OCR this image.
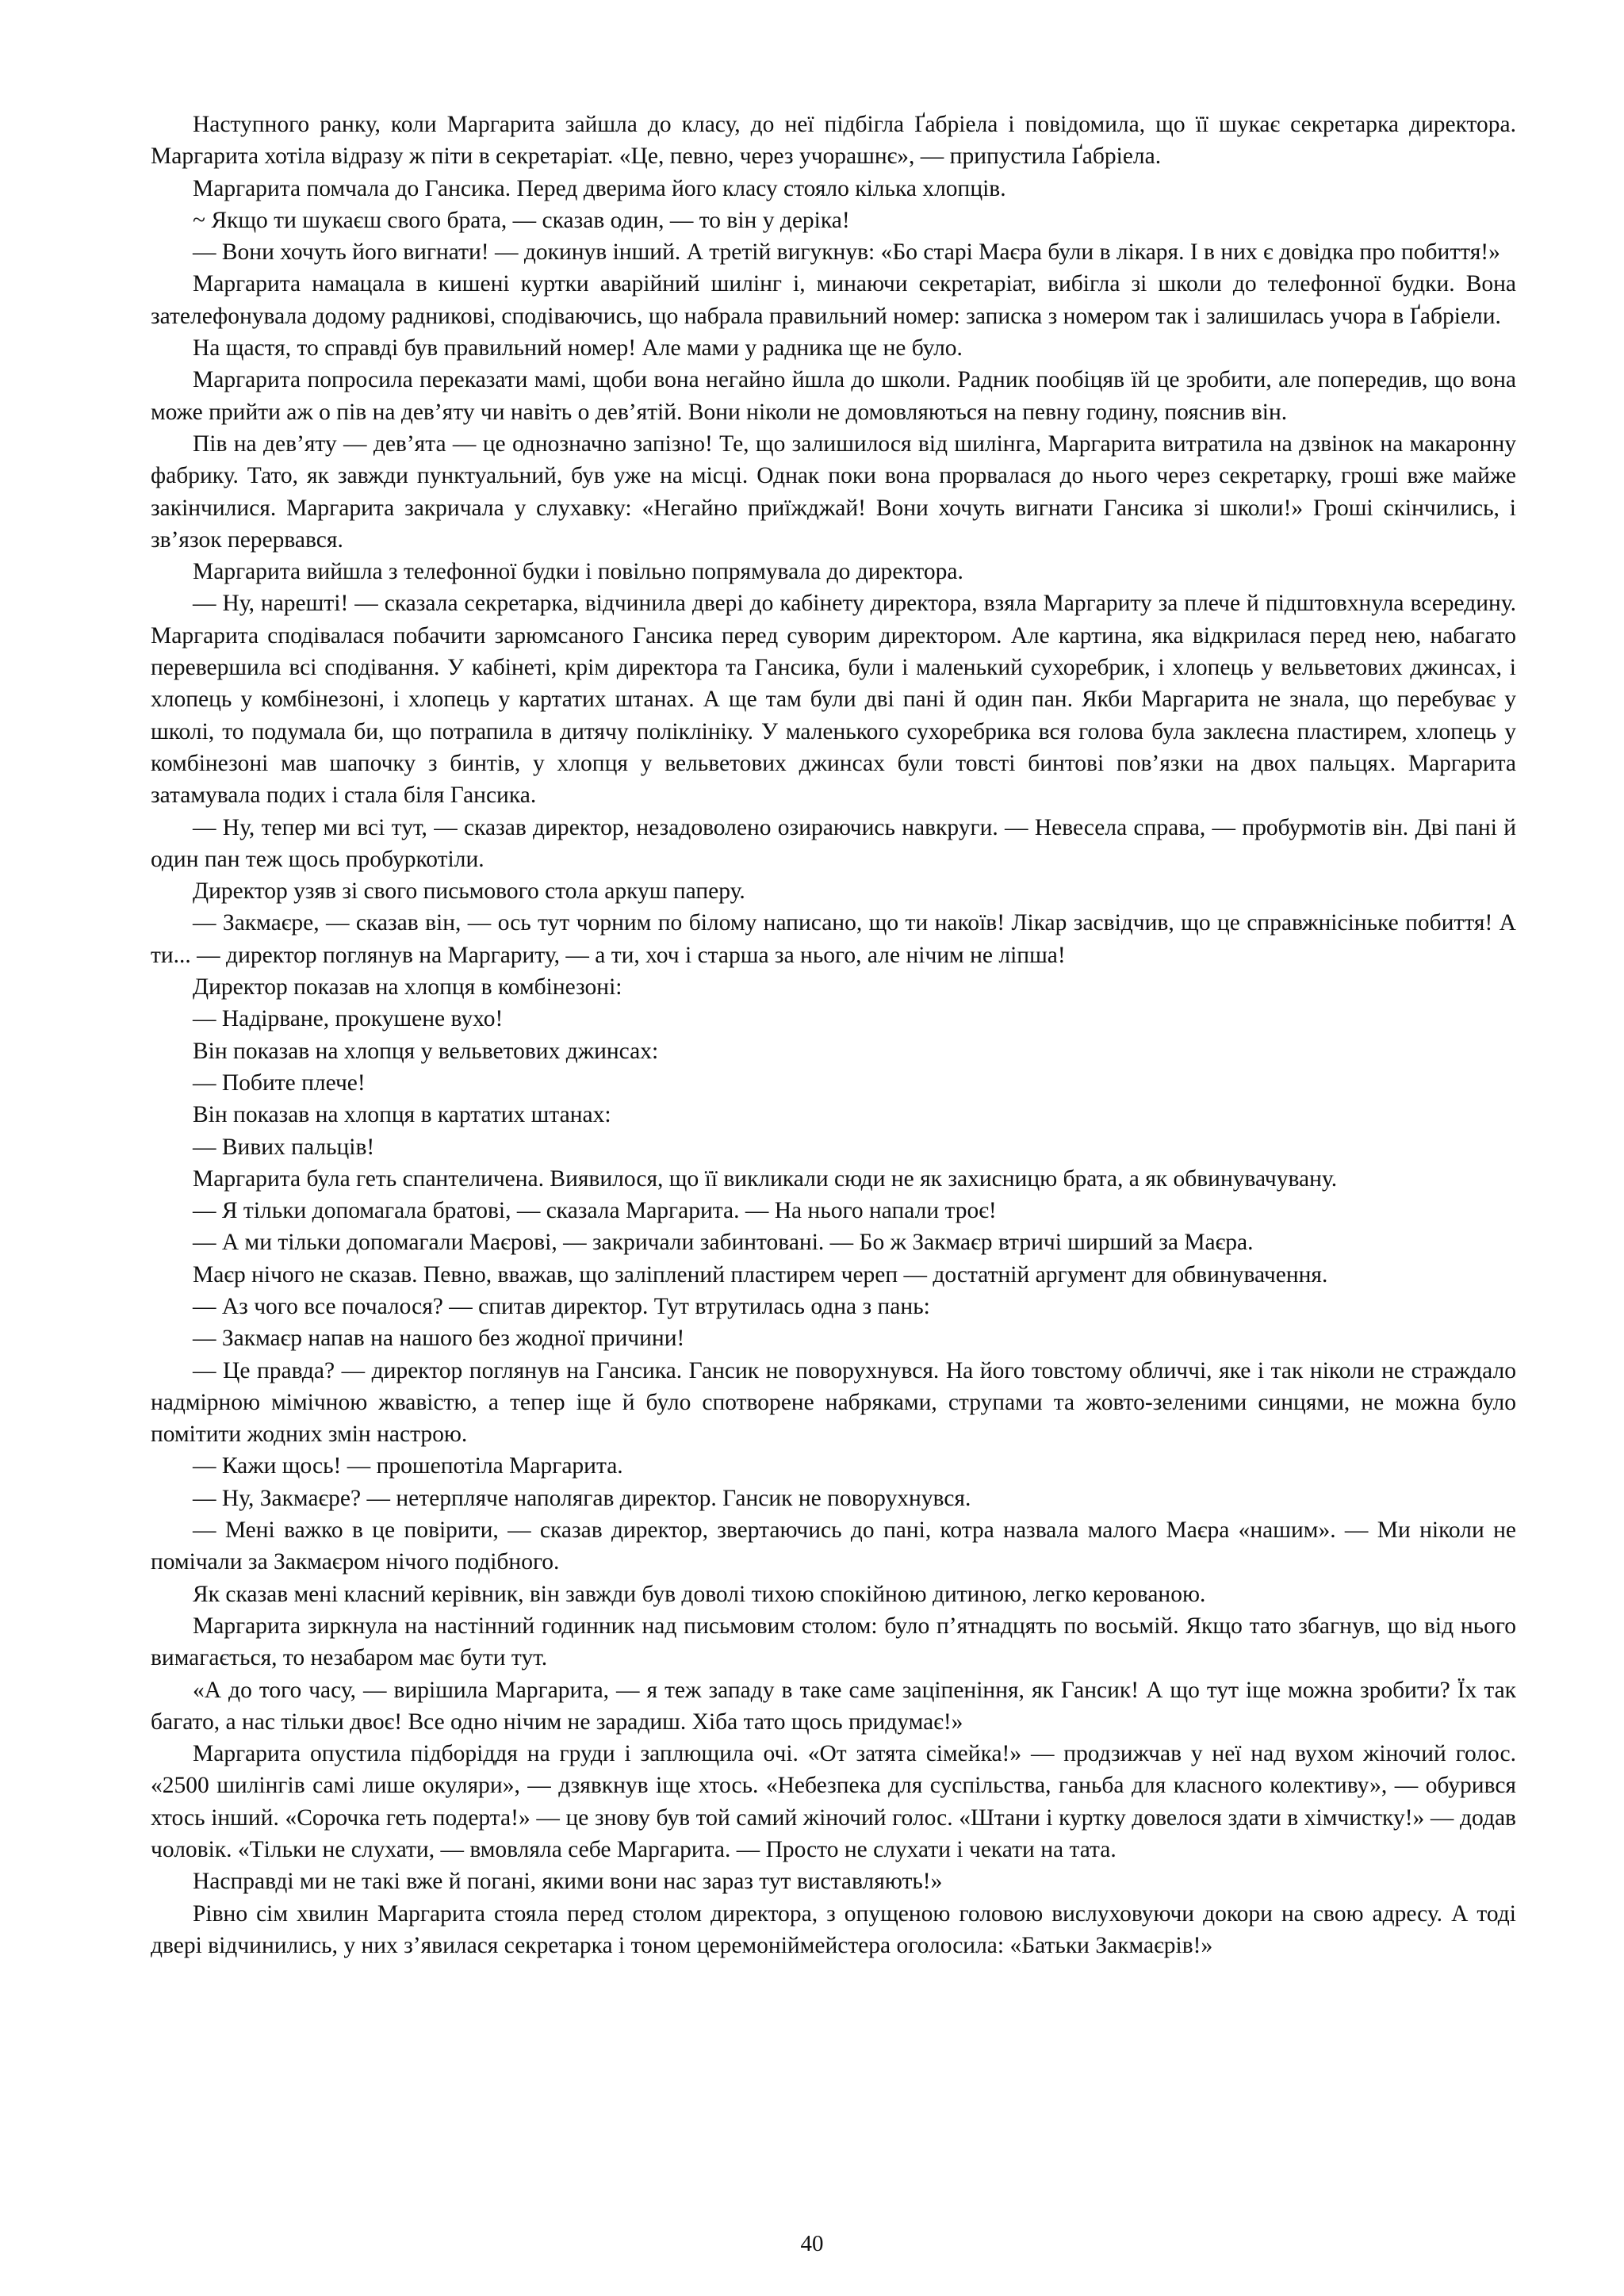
Наступного ранку, коли Маргарита зайшла до класу, до неї підбігла Ґабріела і повідомила, що її шукає секретарка директора. Маргарита хотіла відразу ж піти в секретаріат. «Це, певно, через учорашнє», — припустила Ґабріела.

Маргарита помчала до Гансика. Перед дверима його класу стояло кілька хлопців.

~ Якщо ти шукаєш свого брата, — сказав один, — то він у деріка!

— Вони хочуть його вигнати! — докинув інший. А третій вигукнув: «Бо старі Маєра були в лікаря. І в них є довідка про побиття!»

Маргарита намацала в кишені куртки аварійний шилінг і, минаючи секретаріат, вибігла зі школи до телефонної будки. Вона зателефонувала додому радникові, сподіваючись, що набрала правильний номер: записка з номером так і залишилась учора в Ґабріели.

На щастя, то справді був правильний номер! Але мами у радника ще не було.

Маргарита попросила переказати мамі, щоби вона негайно йшла до школи. Радник пообіцяв їй це зробити, але попередив, що вона може прийти аж о пів на дев’яту чи навіть о дев’ятій. Вони ніколи не домовляються на певну годину, пояснив він.

Пів на дев’яту — дев’ята — це однозначно запізно! Те, що залишилося від шилінга, Маргарита витратила на дзвінок на макаронну фабрику. Тато, як завжди пунктуальний, був уже на місці. Однак поки вона прорвалася до нього через секретарку, гроші вже майже закінчилися. Маргарита закричала у слухавку: «Негайно приїжджай! Вони хочуть вигнати Гансика зі школи!» Гроші скінчились, і зв’язок перервався.

Маргарита вийшла з телефонної будки і повільно попрямувала до директора.

— Ну, нарешті! — сказала секретарка, відчинила двері до кабінету директора, взяла Маргариту за плече й підштовхнула всередину. Маргарита сподівалася побачити зарюмсаного Гансика перед суворим директором. Але картина, яка відкрилася перед нею, набагато перевершила всі сподівання. У кабінеті, крім директора та Гансика, були і маленький сухоребрик, і хлопець у вельветових джинсах, і хлопець у комбінезоні, і хлопець у картатих штанах. А ще там були дві пані й один пан. Якби Маргарита не знала, що перебуває у школі, то подумала би, що потрапила в дитячу поліклініку. У маленького сухоребрика вся голова була заклеєна пластирем, хлопець у комбінезоні мав шапочку з бинтів, у хлопця у вельветових джинсах були товсті бинтові пов’язки на двох пальцях. Маргарита затамувала подих і стала біля Гансика.

— Ну, тепер ми всі тут, — сказав директор, незадоволено озираючись навкруги. — Невесела справа, — пробурмотів він. Дві пані й один пан теж щось пробуркотіли.

Директор узяв зі свого письмового стола аркуш паперу.

— Закмаєре, — сказав він, — ось тут чорним по білому написано, що ти накоїв! Лікар засвідчив, що це справжнісіньке побиття! А ти... — директор поглянув на Маргариту, — а ти, хоч і старша за нього, але нічим не ліпша!

Директор показав на хлопця в комбінезоні:

— Надірване, прокушене вухо!

Він показав на хлопця у вельветових джинсах:

— Побите плече!

Він показав на хлопця в картатих штанах:

— Вивих пальців!

Маргарита була геть спантеличена. Виявилося, що її викликали сюди не як захисницю брата, а як обвинувачувану.

— Я тільки допомагала братові, — сказала Маргарита. — На нього напали троє!

— А ми тільки допомагали Маєрові, — закричали забинтовані. — Бо ж Закмаєр втричі ширший за Маєра.

Маєр нічого не сказав. Певно, вважав, що заліплений пластирем череп — достатній аргумент для обвинувачення.

— Аз чого все почалося? — спитав директор. Тут втрутилась одна з пань:

— Закмаєр напав на нашого без жодної причини!

— Це правда? — директор поглянув на Гансика. Гансик не поворухнувся. На його товстому обличчі, яке і так ніколи не страждало надмірною мімічною жвавістю, а тепер іще й було спотворене набряками, струпами та жовто-зеленими синцями, не можна було помітити жодних змін настрою.

— Кажи щось! — прошепотіла Маргарита.

— Ну, Закмаєре? — нетерпляче наполягав директор. Гансик не поворухнувся.

— Мені важко в це повірити, — сказав директор, звертаючись до пані, котра назвала малого Маєра «нашим». — Ми ніколи не помічали за Закмаєром нічого подібного.

Як сказав мені класний керівник, він завжди був доволі тихою спокійною дитиною, легко керованою.

Маргарита зиркнула на настінний годинник над письмовим столом: було п’ятнадцять по восьмій. Якщо тато збагнув, що від нього вимагається, то незабаром має бути тут.

«А до того часу, — вирішила Маргарита, — я теж западу в таке саме заціпеніння, як Гансик! А що тут іще можна зробити? Їх так багато, а нас тільки двоє! Все одно нічим не зарадиш. Хіба тато щось придумає!»

Маргарита опустила підборіддя на груди і заплющила очі. «От затята сімейка!» — продзижчав у неї над вухом жіночий голос. «2500 шилінгів самі лише окуляри», — дзявкнув іще хтось. «Небезпека для суспільства, ганьба для класного колективу», — обурився хтось інший. «Сорочка геть подерта!» — це знову був той самий жіночий голос. «Штани і куртку довелося здати в хімчистку!» — додав чоловік. «Тільки не слухати, — вмовляла себе Маргарита. — Просто не слухати і чекати на тата.

Насправді ми не такі вже й погані, якими вони нас зараз тут виставляють!»

Рівно сім хвилин Маргарита стояла перед столом директора, з опущеною головою вислуховуючи докори на свою адресу. А тоді двері відчинились, у них з’явилася секретарка і тоном церемоніймейстера оголосила: «Батьки Закмаєрів!»

40
